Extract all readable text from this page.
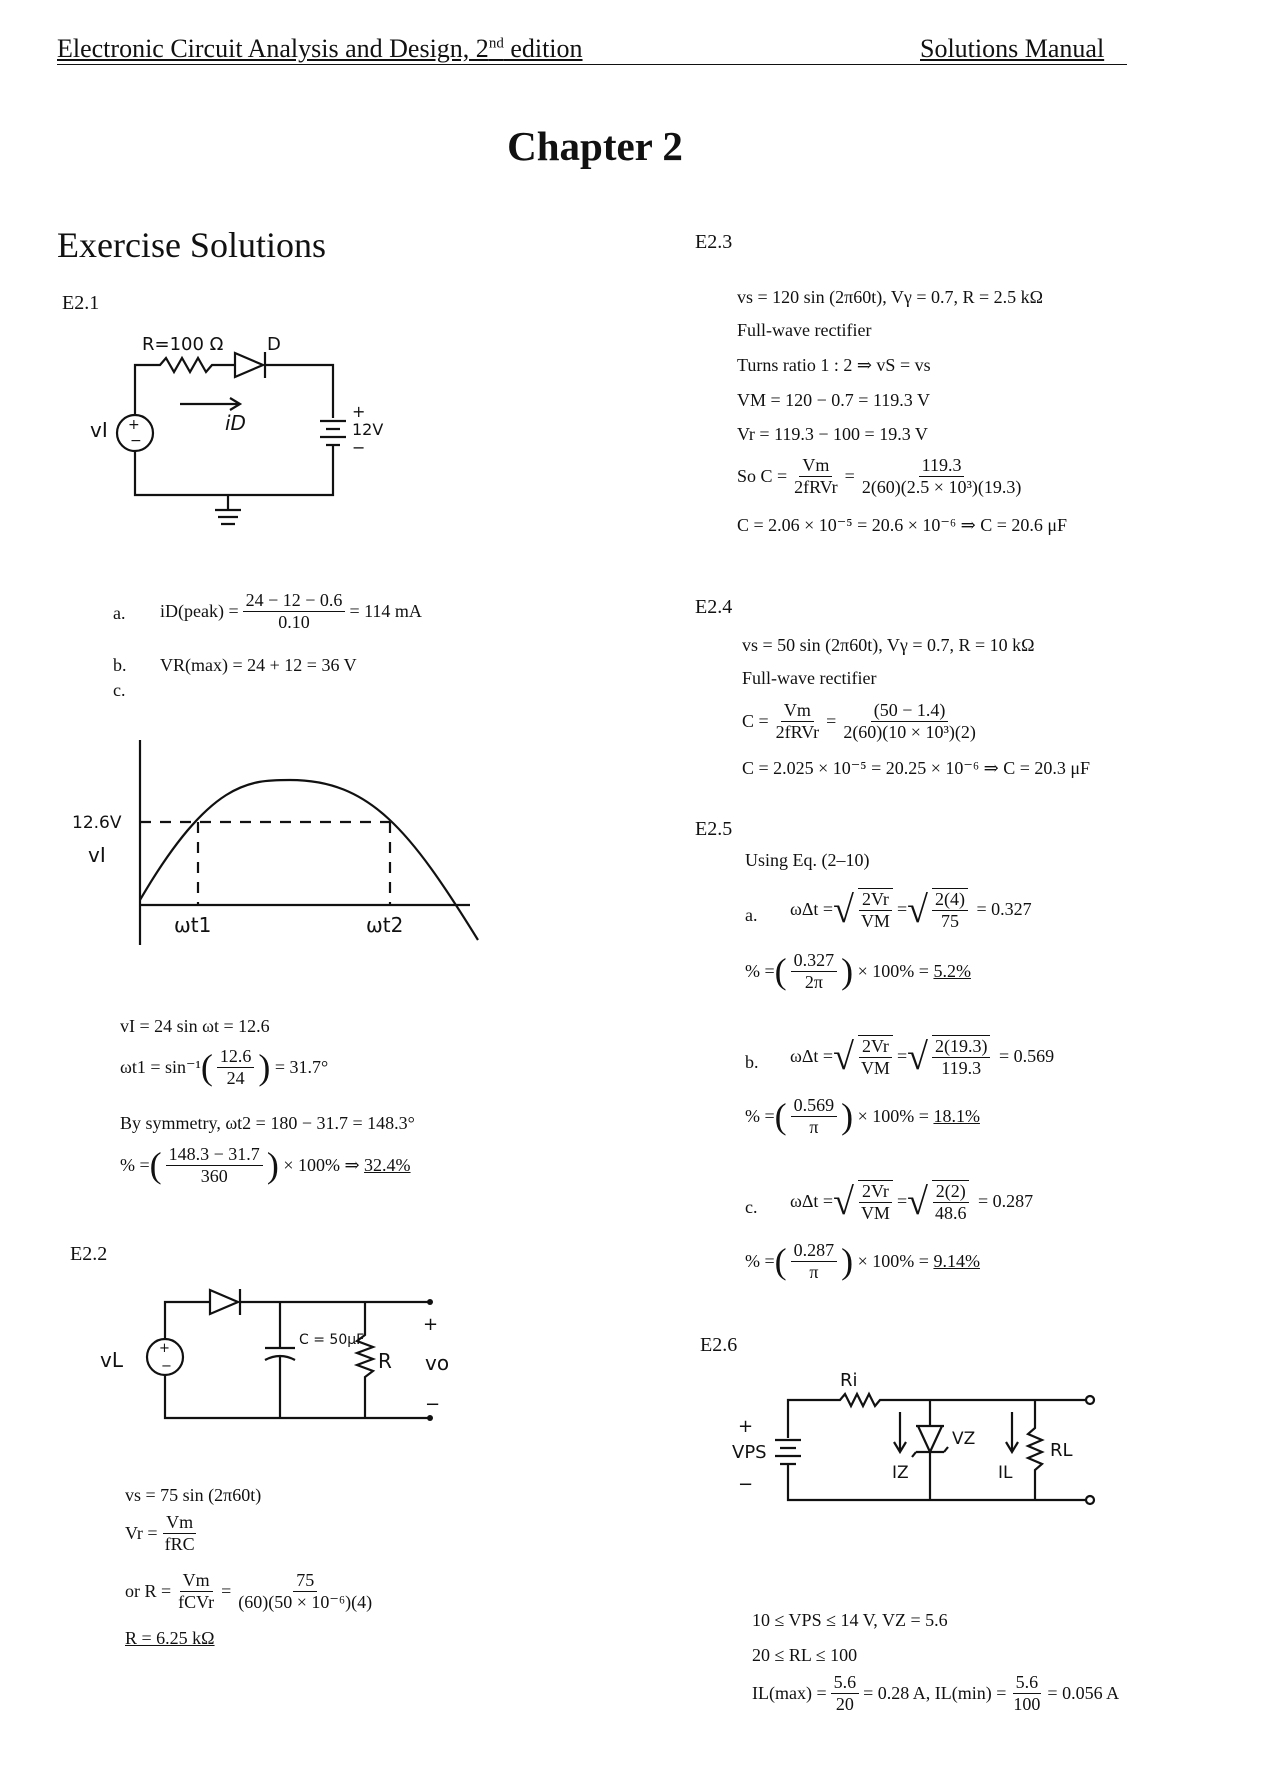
Electronic Circuit Analysis and Design, 2nd edition	Solutions Manual
Chapter 2
Exercise Solutions
E2.1
+
−
R=100 Ω D
vI	iD	+
12V
−
a. iD(peak) = $\frac{24 - 12 - 0.6}{0.10} = 114$ mA
b. VR(max) = 24 + 12 = 36 V
c.
12.6V
vI
ωt1	ωt2
vI = 24 sin ωt = 12.6
ωt1 = sin⁻¹ ( $\frac{12.6}{24}$ )
= 31.7°
By symmetry, ωt2 = 180 − 31.7 = 148.3°
% = ( $\frac{148.3 - 31.7}{360}$ )
× 100% ⇒
32.4%
E2.2
+
−
vL
C = 50μF
R
+
−
vo
vs = 75 sin (2π60t)
$Vr = \frac{Vm}{\text{fRC}}$
or $R = \frac{Vm}{\text{fCVr}} = \frac{75}{\text{(60)(50 × 10⁻⁶)(4)}}$
R = 6.25 kΩ
E2.3
vs = 120 sin (2π60t), Vγ = 0.7, R = 2.5 kΩ
Full-wave rectifier
Turns ratio 1 : 2 ⇒ vS = vs
VM = 120 − 0.7 = 119.3 V
Vr = 119.3 − 100 = 19.3 V
So $C = \frac{Vm}{\text{2fRVr}} = \frac{119.3}{\text{2(60)(2.5 × 10³)(19.3)}}$
C = 2.06 × 10⁻⁵ = 20.6 × 10⁻⁶ ⇒ C = 20.6 μF
E2.4
vs = 50 sin (2π60t), Vγ = 0.7, R = 10 kΩ
Full-wave rectifier
$C = \frac{Vm}{\text{2fRVr}} = \frac{(50 - 1.4)}{\text{2(60)(10 × 10³)(2)}}$
C = 2.025 × 10⁻⁵ = 20.25 × 10⁻⁶ ⇒ C = 20.3 μF
E2.5
Using Eq. (2–10)
a. ωΔt = √ $\frac{2Vr}{VM}$ = √ $\frac{2(4)}{75}$
= 0.327
% = ( $\frac{0.327}{2\pi}$ )
× 100% =
5.2%
b. ωΔt = √ $\frac{2Vr}{VM}$ = √ $\frac{2(19.3)}{119.3}$
= 0.569
% = ( $\frac{0.569}{\pi}$ )
× 100% =
18.1%
c. ωΔt = √ $\frac{2Vr}{VM}$ = √ $\frac{2(2)}{48.6}$
= 0.287
% = ( $\frac{0.287}{\pi}$ )
× 100% =
9.14%
E2.6
Ri
+
VPS
−
IZ
VZ
IL
RL
10 ≤ VPS ≤ 14 V, VZ = 5.6
20 ≤ RL ≤ 100
$IL(\max) = \frac{5.6}{20} = 0.28$ A, $IL(\min) = \frac{5.6}{100} = 0.056$ A
